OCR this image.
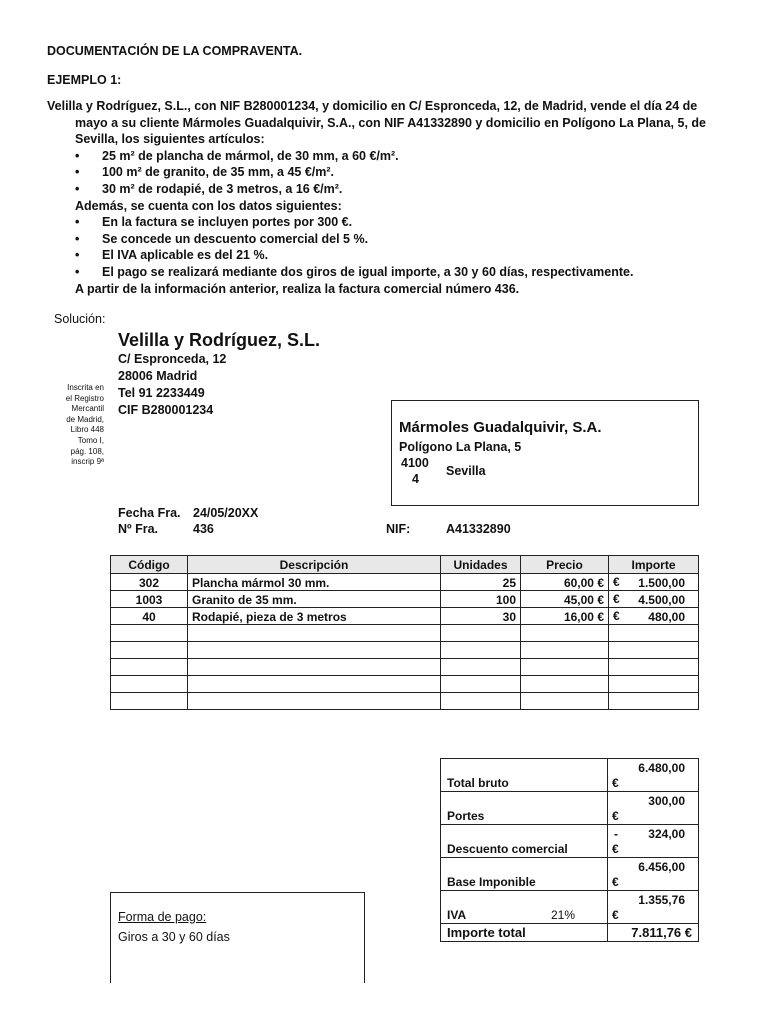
DOCUMENTACIÓN DE LA COMPRAVENTA.
EJEMPLO 1:

Velilla y Rodríguez, S.L., con NIF B280001234, y domicilio en C/ Espronceda, 12, de Madrid, vende el día 24 de

mayo a su cliente Mármoles Guadalquivir, S.A., con NIF A41332890 y domicilio en Polígono La Plana, 5, de

Sevilla, los siguientes artículos:

• 25 m² de plancha de mármol, de 30 mm, a 60 €/m².

• 100 m² de granito, de 35 mm, a 45 €/m².

• 30 m² de rodapié, de 3 metros, a 16 €/m².

Además, se cuenta con los datos siguientes:

• En la factura se incluyen portes por 300 €.

• Se concede un descuento comercial del 5 %.

• El IVA aplicable es del 21 %.

• El pago se realizará mediante dos giros de igual importe, a 30 y 60 días, respectivamente.

A partir de la información anterior, realiza la factura comercial número 436.

Solución:
Velilla y Rodríguez, S.L.
C/ Espronceda, 12
28006 Madrid
Tel 91 2233449
CIF B280001234
Inscrita en
el Registro
Mercantil
de Madrid,
Libro 448
Tomo I,
pág. 108,
inscrip 9ª
Mármoles Guadalquivir, S.A.
Polígono La Plana, 5
4100
4
Sevilla
Fecha Fra. 24/05/20XX
Nº Fra.	436	NIF:	A41332890
Código	Descripción	Unidades	Precio	Importe
302	Plancha mármol 30 mm.	25	60,00 €	1.500,00
€

1003	Granito de 35 mm.	100	45,00 €	4.500,00
€

40	Rodapié, pieza de 3 metros	30	16,00 €	480,00
€

Total bruto	6.480,00
€

Portes	300,00
€

Descuento comercial	- 324,00
€

Base Imponible	6.456,00
€

IVA 21%	1.355,76
€

Importe total	7.811,76 €
Forma de pago:
Giros a 30 y 60 días
